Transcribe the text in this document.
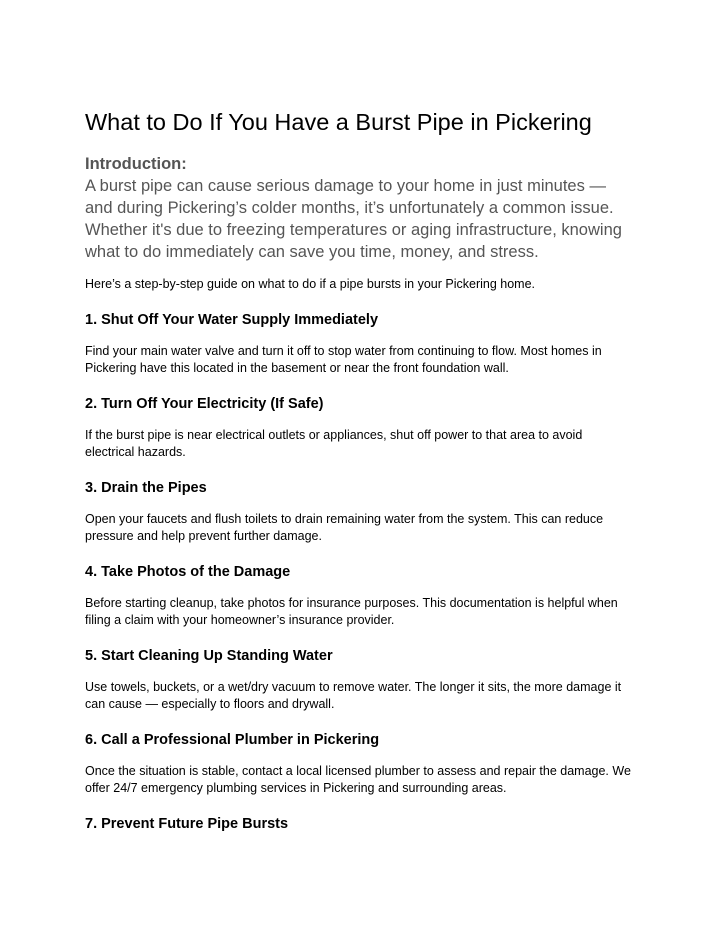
What to Do If You Have a Burst Pipe in Pickering

Introduction:

A burst pipe can cause serious damage to your home in just minutes — and during Pickering’s colder months, it’s unfortunately a common issue. Whether it's due to freezing temperatures or aging infrastructure, knowing what to do immediately can save you time, money, and stress.

Here’s a step-by-step guide on what to do if a pipe bursts in your Pickering home.

1. Shut Off Your Water Supply Immediately

Find your main water valve and turn it off to stop water from continuing to flow. Most homes in Pickering have this located in the basement or near the front foundation wall.

2. Turn Off Your Electricity (If Safe)

If the burst pipe is near electrical outlets or appliances, shut off power to that area to avoid electrical hazards.

3. Drain the Pipes

Open your faucets and flush toilets to drain remaining water from the system. This can reduce pressure and help prevent further damage.

4. Take Photos of the Damage

Before starting cleanup, take photos for insurance purposes. This documentation is helpful when filing a claim with your homeowner’s insurance provider.

5. Start Cleaning Up Standing Water

Use towels, buckets, or a wet/dry vacuum to remove water. The longer it sits, the more damage it can cause — especially to floors and drywall.

6. Call a Professional Plumber in Pickering

Once the situation is stable, contact a local licensed plumber to assess and repair the damage. We offer 24/7 emergency plumbing services in Pickering and surrounding areas.

7. Prevent Future Pipe Bursts
